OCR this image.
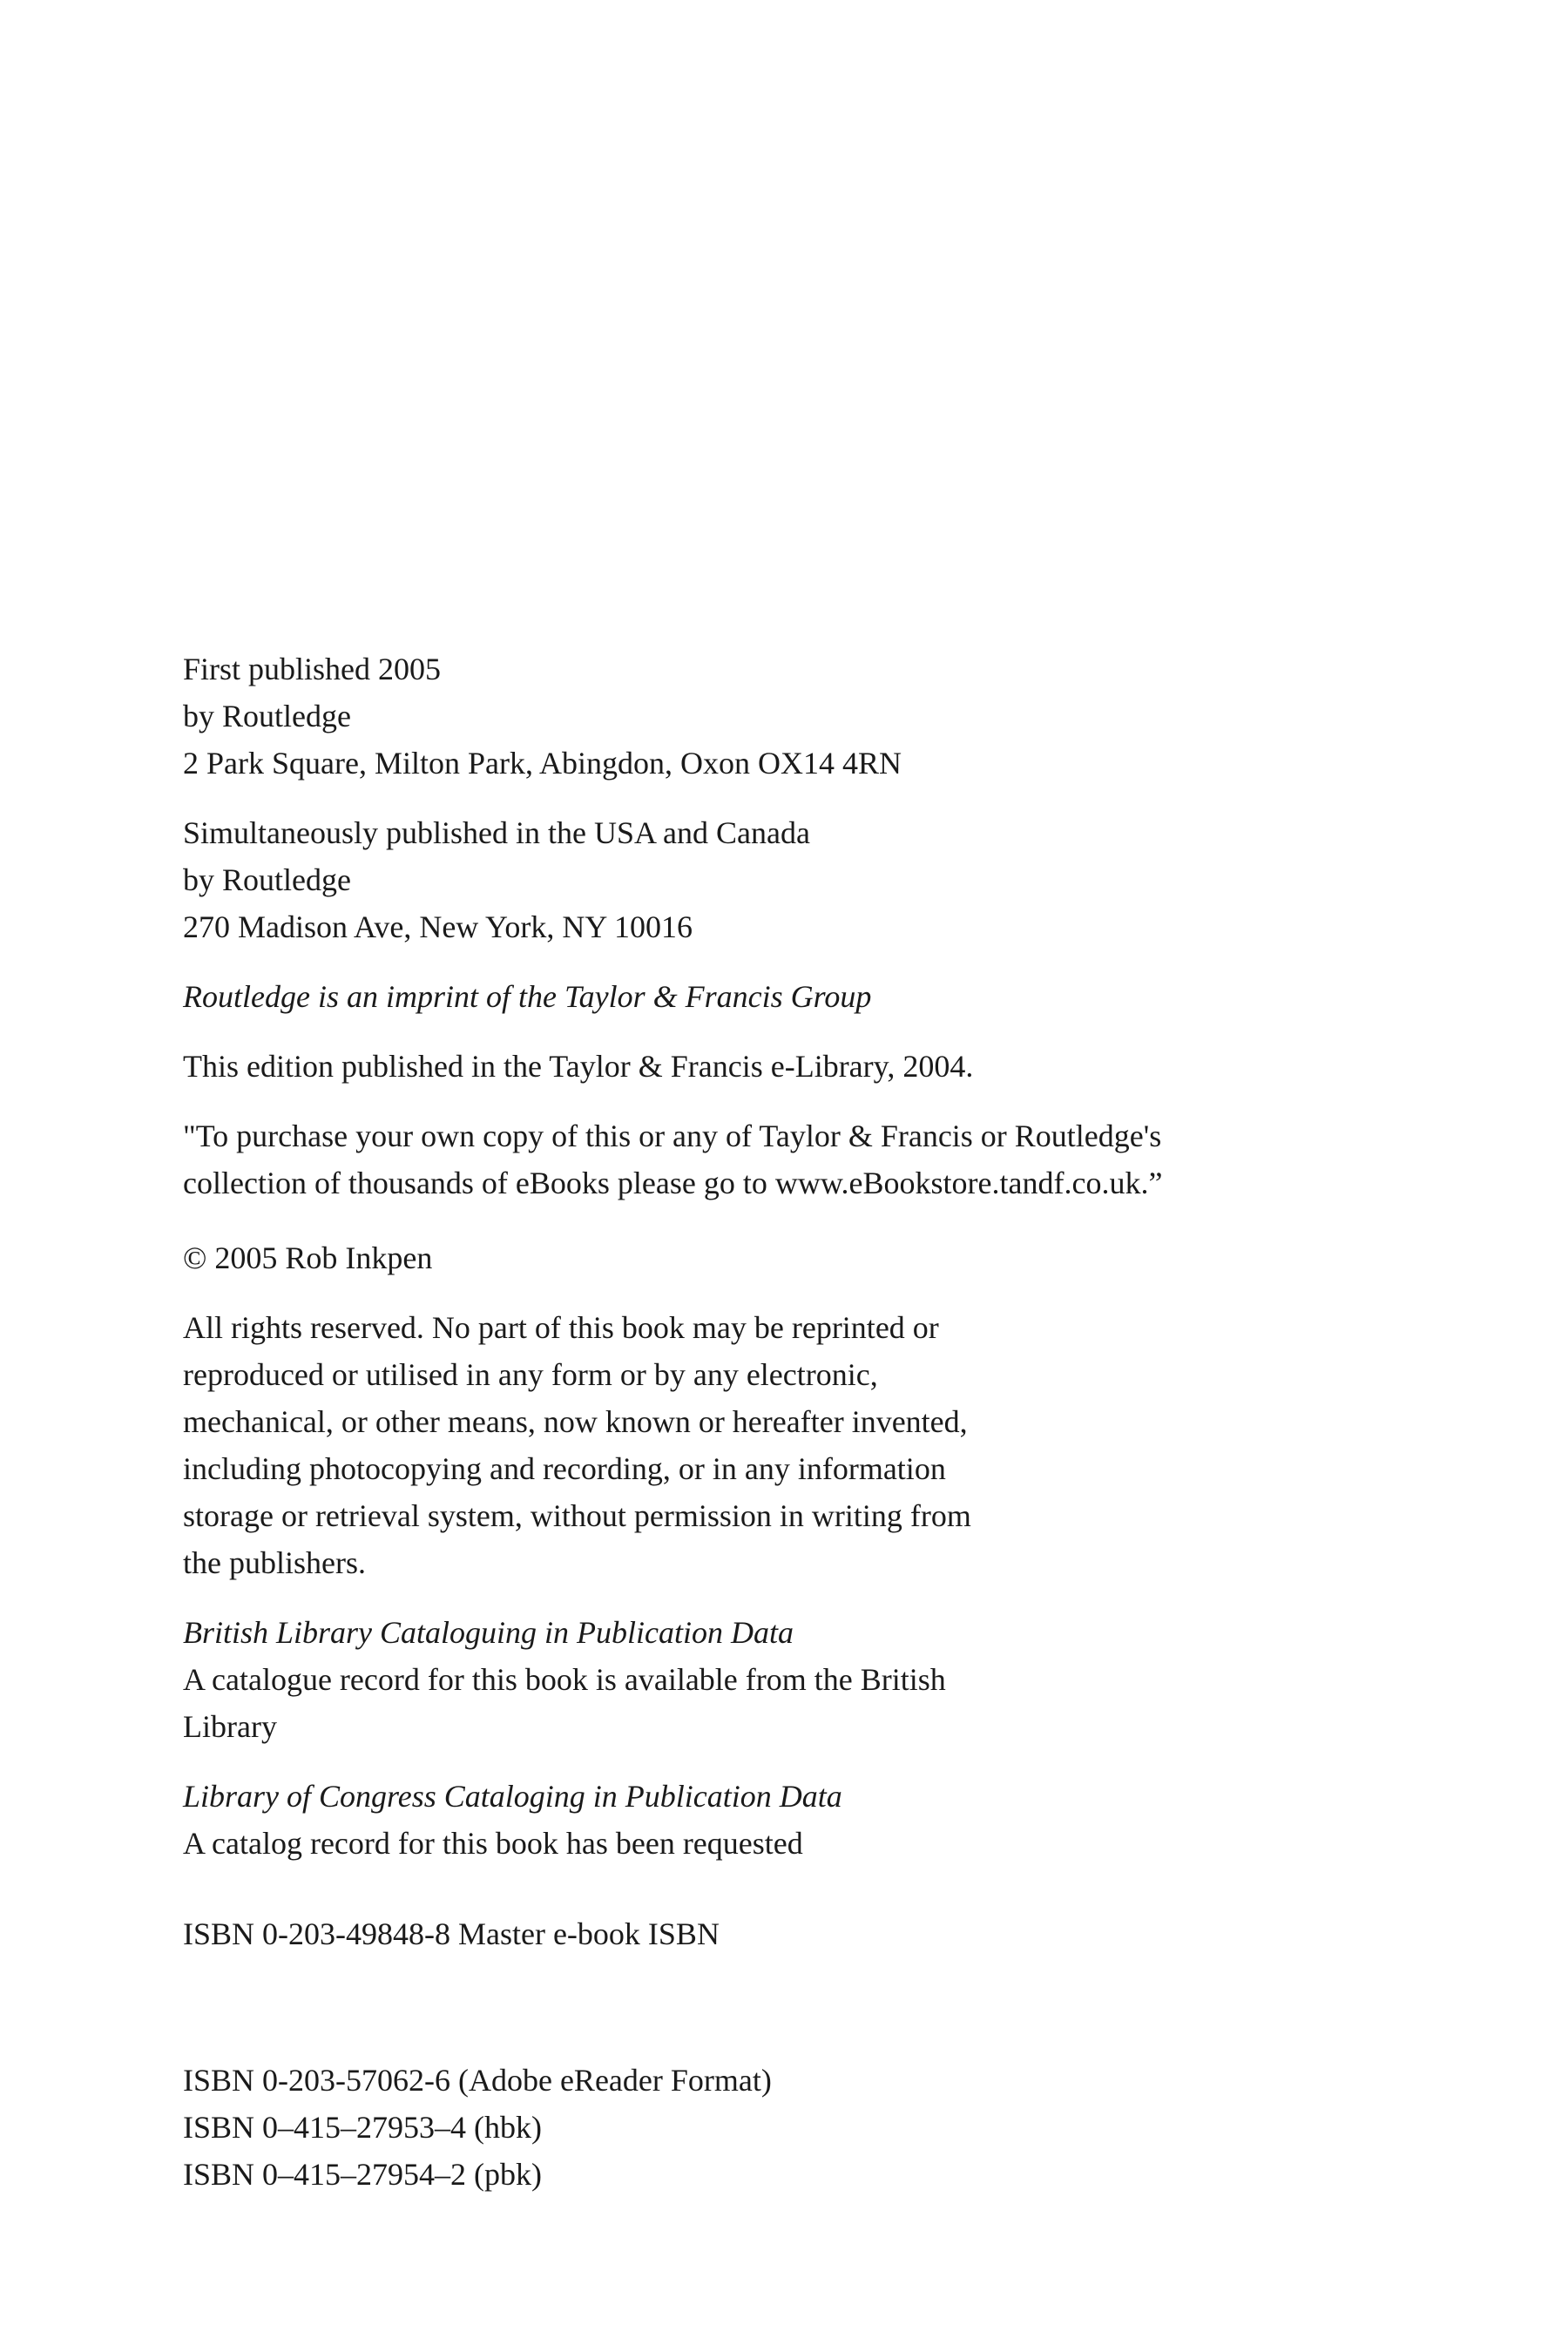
First published 2005

by Routledge

2 Park Square, Milton Park, Abingdon, Oxon OX14 4RN

Simultaneously published in the USA and Canada

by Routledge

270 Madison Ave, New York, NY 10016

Routledge is an imprint of the Taylor & Francis Group

This edition published in the Taylor & Francis e-Library, 2004.

"To purchase your own copy of this or any of Taylor & Francis or Routledge's

collection of thousands of eBooks please go to www.eBookstore.tandf.co.uk.”

© 2005 Rob Inkpen

All rights reserved. No part of this book may be reprinted or

reproduced or utilised in any form or by any electronic,

mechanical, or other means, now known or hereafter invented,

including photocopying and recording, or in any information

storage or retrieval system, without permission in writing from

the publishers.

British Library Cataloguing in Publication Data

A catalogue record for this book is available from the British

Library

Library of Congress Cataloging in Publication Data

A catalog record for this book has been requested

ISBN 0-203-49848-8 Master e-book ISBN

ISBN 0-203-57062-6 (Adobe eReader Format)

ISBN 0–415–27953–4 (hbk)

ISBN 0–415–27954–2 (pbk)
